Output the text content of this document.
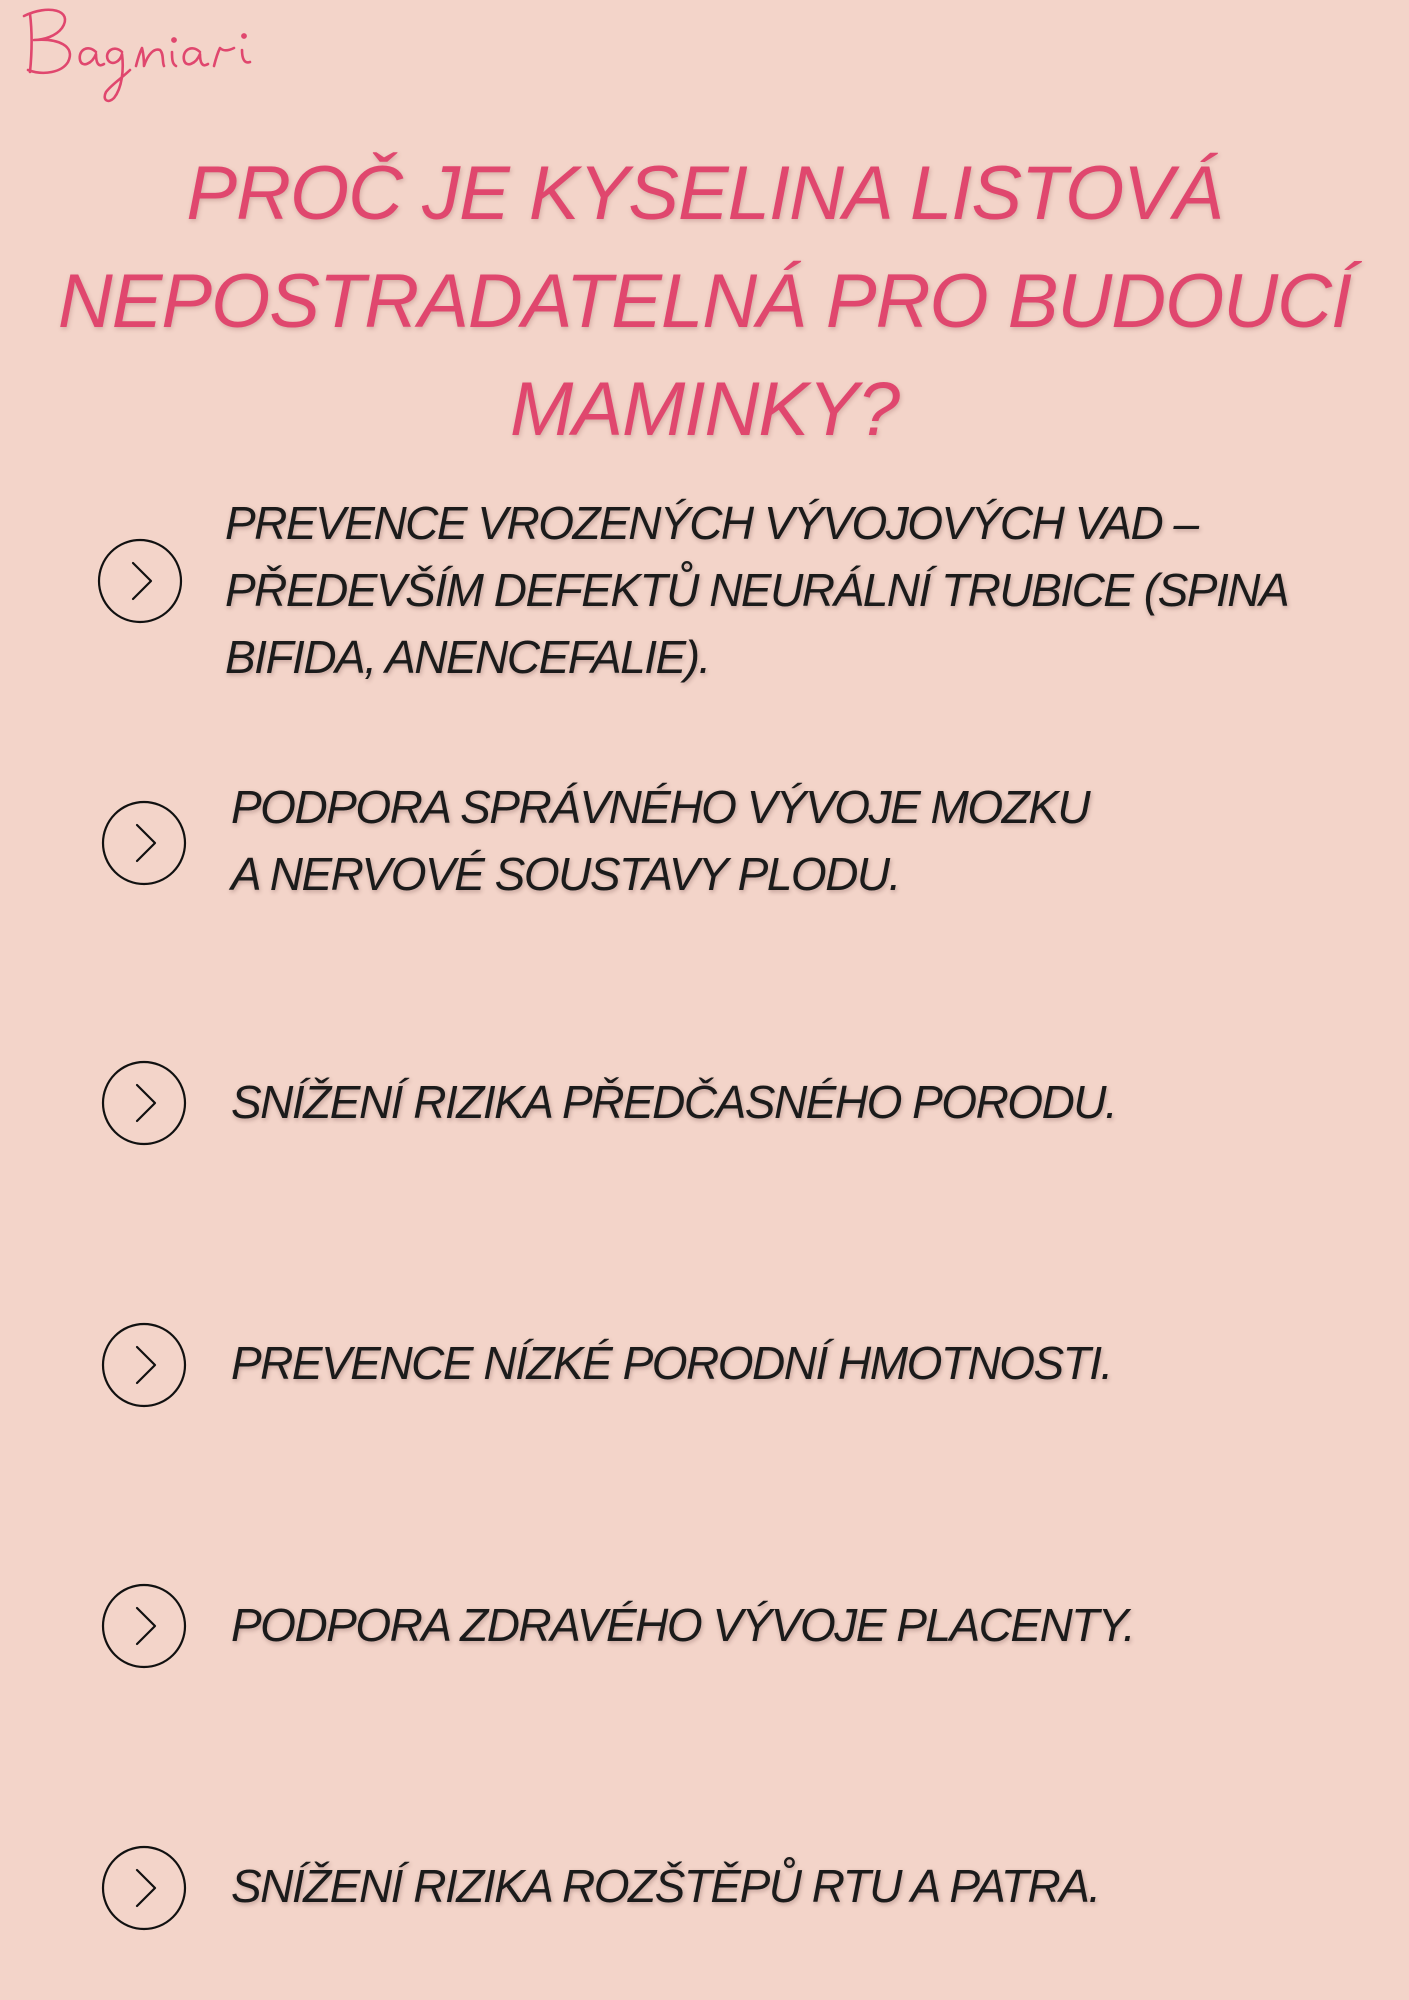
PROČ JE KYSELINA LISTOVÁ
NEPOSTRADATELNÁ PRO BUDOUCÍ
MAMINKY?

PREVENCE VROZENÝCH VÝVOJOVÝCH VAD –
PŘEDEVŠÍM DEFEKTŮ NEURÁLNÍ TRUBICE (SPINA
BIFIDA, ANENCEFALIE).

PODPORA SPRÁVNÉHO VÝVOJE MOZKU
A NERVOVÉ SOUSTAVY PLODU.

SNÍŽENÍ RIZIKA PŘEDČASNÉHO PORODU.

PREVENCE NÍZKÉ PORODNÍ HMOTNOSTI.

PODPORA ZDRAVÉHO VÝVOJE PLACENTY.

SNÍŽENÍ RIZIKA ROZŠTĚPŮ RTU A PATRA.
